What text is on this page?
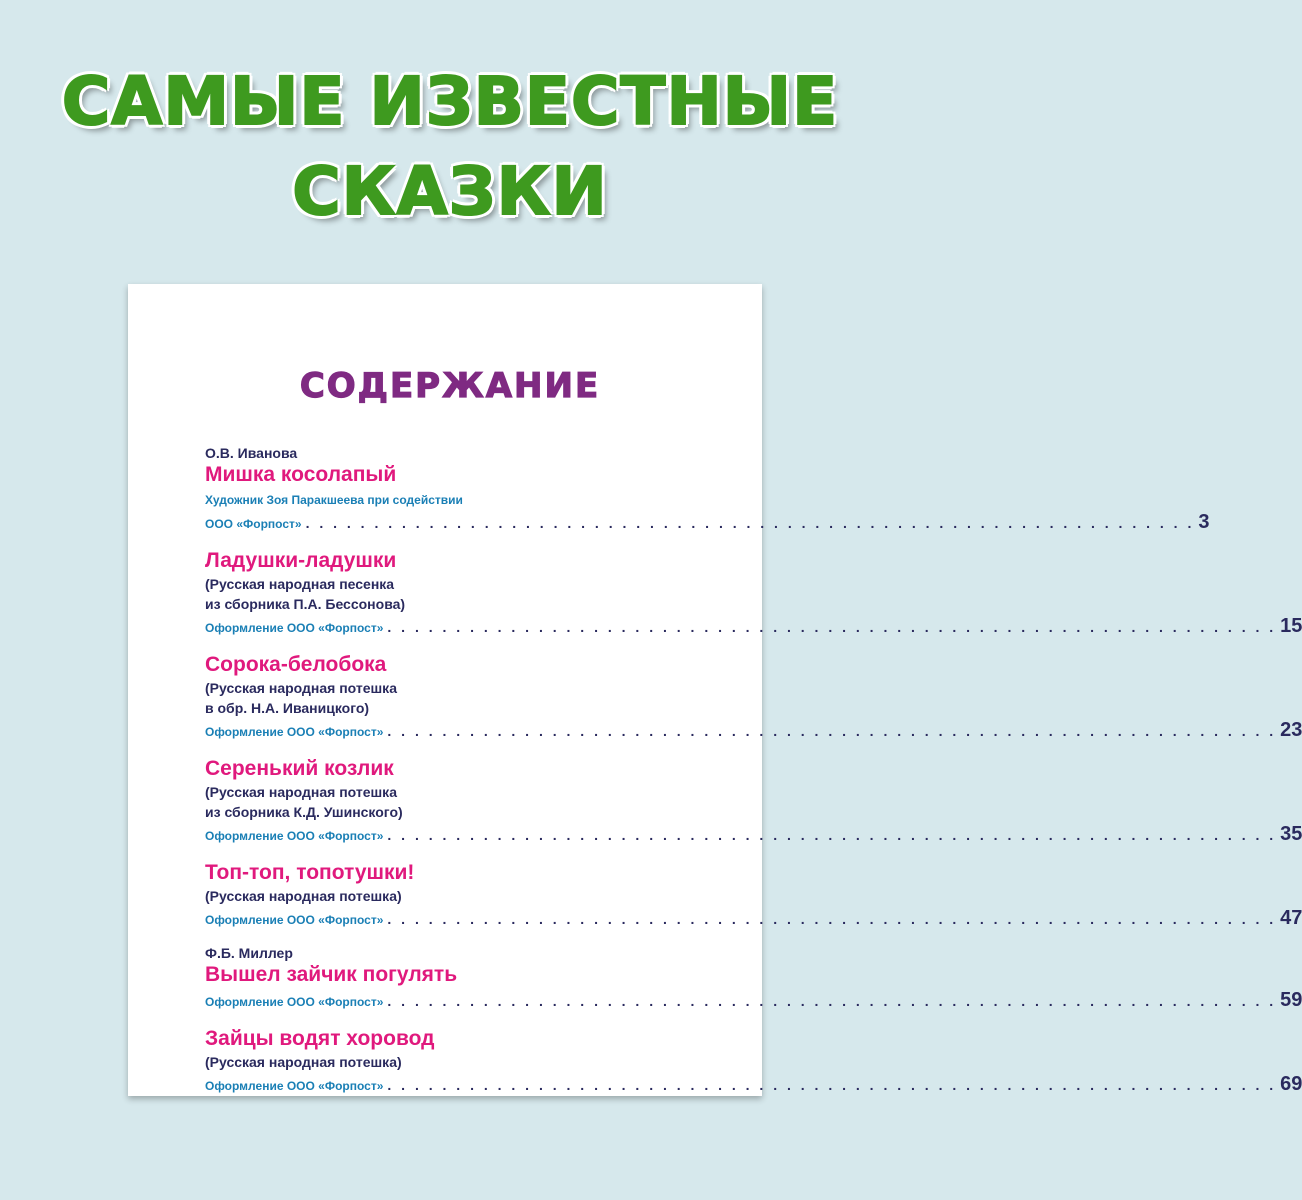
САМЫЕ ИЗВЕСТНЫЕ
СКАЗКИ
СОДЕРЖАНИЕ
О.В. Иванова
Мишка косолапый
Художник Зоя Паракшеева при содействии
ООО «Форпост» . . . . . . . . . . . . . . . . . . . . . . . . . . . . . . . . . . . . . . . . . . . . . . . . . . . . . . . . . . . . . . . . . 3
Ладушки-ладушки
(Русская народная песенка
из сборника П.А. Бессонова)
Оформление ООО «Форпост» . . . . . . . . . . . . . . . . . . . . . . . . . . . . . . . . . . . . . . . . . . . . . . . . . . . . . . . . . . . . . . . . . 15
Сорока-белобока
(Русская народная потешка
в обр. Н.А. Иваницкого)
Оформление ООО «Форпост» . . . . . . . . . . . . . . . . . . . . . . . . . . . . . . . . . . . . . . . . . . . . . . . . . . . . . . . . . . . . . . . . . 23
Серенький козлик
(Русская народная потешка
из сборника К.Д. Ушинского)
Оформление ООО «Форпост» . . . . . . . . . . . . . . . . . . . . . . . . . . . . . . . . . . . . . . . . . . . . . . . . . . . . . . . . . . . . . . . . . 35
Топ-топ, топотушки!
(Русская народная потешка)
Оформление ООО «Форпост» . . . . . . . . . . . . . . . . . . . . . . . . . . . . . . . . . . . . . . . . . . . . . . . . . . . . . . . . . . . . . . . . . 47
Ф.Б. Миллер
Вышел зайчик погулять
Оформление ООО «Форпост» . . . . . . . . . . . . . . . . . . . . . . . . . . . . . . . . . . . . . . . . . . . . . . . . . . . . . . . . . . . . . . . . . 59
Зайцы водят хоровод
(Русская народная потешка)
Оформление ООО «Форпост» . . . . . . . . . . . . . . . . . . . . . . . . . . . . . . . . . . . . . . . . . . . . . . . . . . . . . . . . . . . . . . . . . 69
